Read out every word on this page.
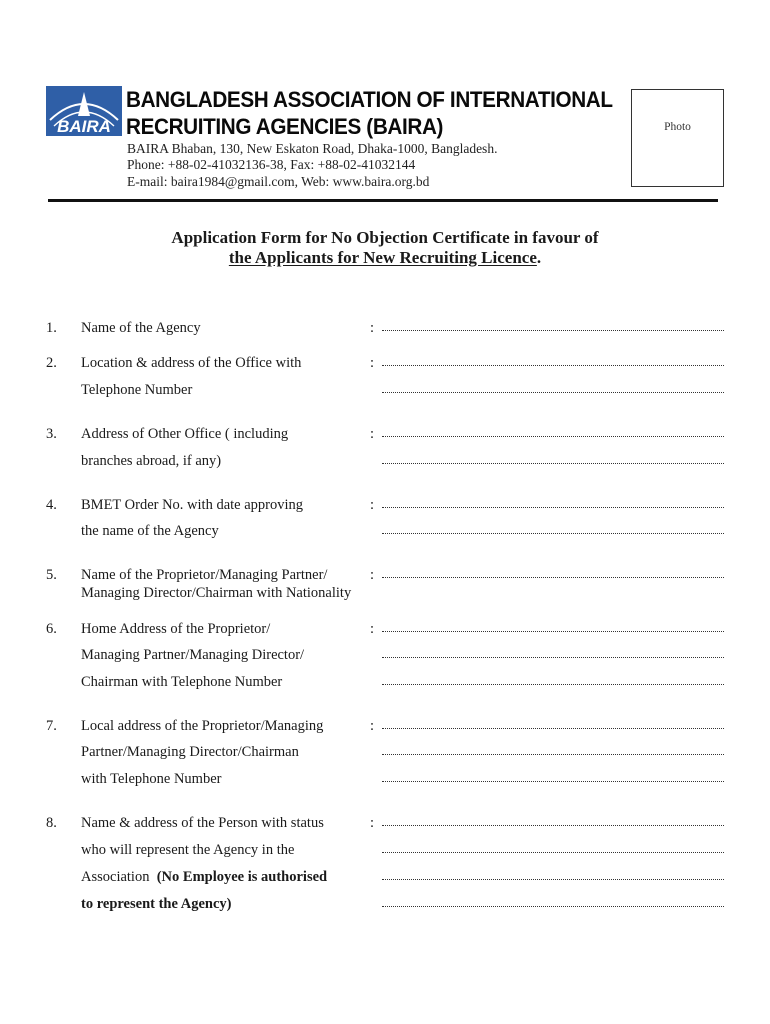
BAIRA
BANGLADESH ASSOCIATION OF INTERNATIONAL
RECRUITING AGENCIES (BAIRA)
BAIRA Bhaban, 130, New Eskaton Road, Dhaka-1000, Bangladesh.
Phone: +88-02-41032136-38, Fax: +88-02-41032144
E-mail: baira1984@gmail.com, Web: www.baira.org.bd
Photo
Application Form for No Objection Certificate in favour of
the Applicants for New Recruiting Licence.
1. Name of the Agency	:
2. Location & address of the Office with
Telephone Number
:
3. Address of Other Office ( including
branches abroad, if any)
:
4. BMET Order No. with date approving
the name of the Agency
:
5. Name of the Proprietor/Managing Partner/
Managing Director/Chairman with Nationality
:
6. Home Address of the Proprietor/
Managing Partner/Managing Director/
Chairman with Telephone Number
:
7. Local address of the Proprietor/Managing
Partner/Managing Director/Chairman
with Telephone Number
:
8. Name & address of the Person with status
who will represent the Agency in the
Association (No Employee is authorised
to represent the Agency)
:
